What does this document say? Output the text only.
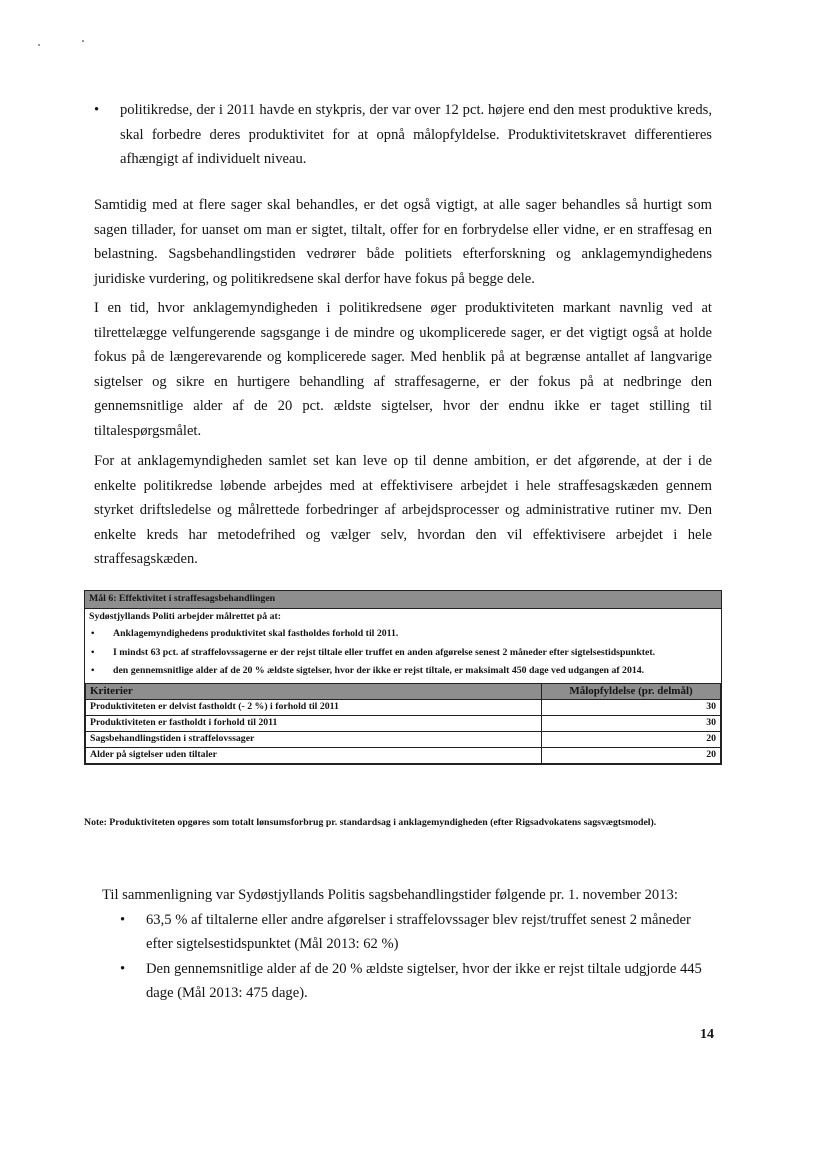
• politikredse, der i 2011 havde en stykpris, der var over 12 pct. højere end den mest produktive kreds, skal forbedre deres produktivitet for at opnå målopfyldelse. Produktivitetskravet differentieres afhængigt af individuelt niveau.

Samtidig med at flere sager skal behandles, er det også vigtigt, at alle sager behandles så hurtigt som sagen tillader, for uanset om man er sigtet, tiltalt, offer for en forbrydelse eller vidne, er en straffesag en belastning. Sagsbehandlingstiden vedrører både politiets efterforskning og anklagemyndighedens juridiske vurdering, og politikredsene skal derfor have fokus på begge dele.

I en tid, hvor anklagemyndigheden i politikredsene øger produktiviteten markant navnlig ved at tilrettelægge velfungerende sagsgange i de mindre og ukomplicerede sager, er det vigtigt også at holde fokus på de længerevarende og komplicerede sager. Med henblik på at begrænse antallet af langvarige sigtelser og sikre en hurtigere behandling af straffesagerne, er der fokus på at nedbringe den gennemsnitlige alder af de 20 pct. ældste sigtelser, hvor der endnu ikke er taget stilling til tiltalespørgsmålet.

For at anklagemyndigheden samlet set kan leve op til denne ambition, er det afgørende, at der i de enkelte politikredse løbende arbejdes med at effektivisere arbejdet i hele straffesagskæden gennem styrket driftsledelse og målrettede forbedringer af arbejdsprocesser og administrative rutiner mv. Den enkelte kreds har metodefrihed og vælger selv, hvordan den vil effektivisere arbejdet i hele straffesagskæden.

Mål 6: Effektivitet i straffesagsbehandlingen
Sydøstjyllands Politi arbejder målrettet på at:
• Anklagemyndighedens produktivitet skal fastholdes forhold til 2011.
• I mindst 63 pct. af straffelovssagerne er der rejst tiltale eller truffet en anden afgørelse senest 2 måneder efter sigtelsestidspunktet.
• den gennemsnitlige alder af de 20 % ældste sigtelser, hvor der ikke er rejst tiltale, er maksimalt 450 dage ved udgangen af 2014.
Kriterier	Målopfyldelse (pr. delmål)
Produktiviteten er delvist fastholdt (- 2 %) i forhold til 2011	30
Produktiviteten er fastholdt i forhold til 2011	30
Sagsbehandlingstiden i straffelovssager	20
Alder på sigtelser uden tiltaler	20

Note: Produktiviteten opgøres som totalt lønsumsforbrug pr. standardsag i anklagemyndigheden (efter Rigsadvokatens sagsvægtsmodel).

Til sammenligning var Sydøstjyllands Politis sagsbehandlingstider følgende pr. 1. november 2013:

• 63,5 % af tiltalerne eller andre afgørelser i straffelovssager blev rejst/truffet senest 2 måneder efter sigtelsestidspunktet (Mål 2013: 62 %)
• Den gennemsnitlige alder af de 20 % ældste sigtelser, hvor der ikke er rejst tiltale udgjorde 445 dage (Mål 2013: 475 dage).
14
